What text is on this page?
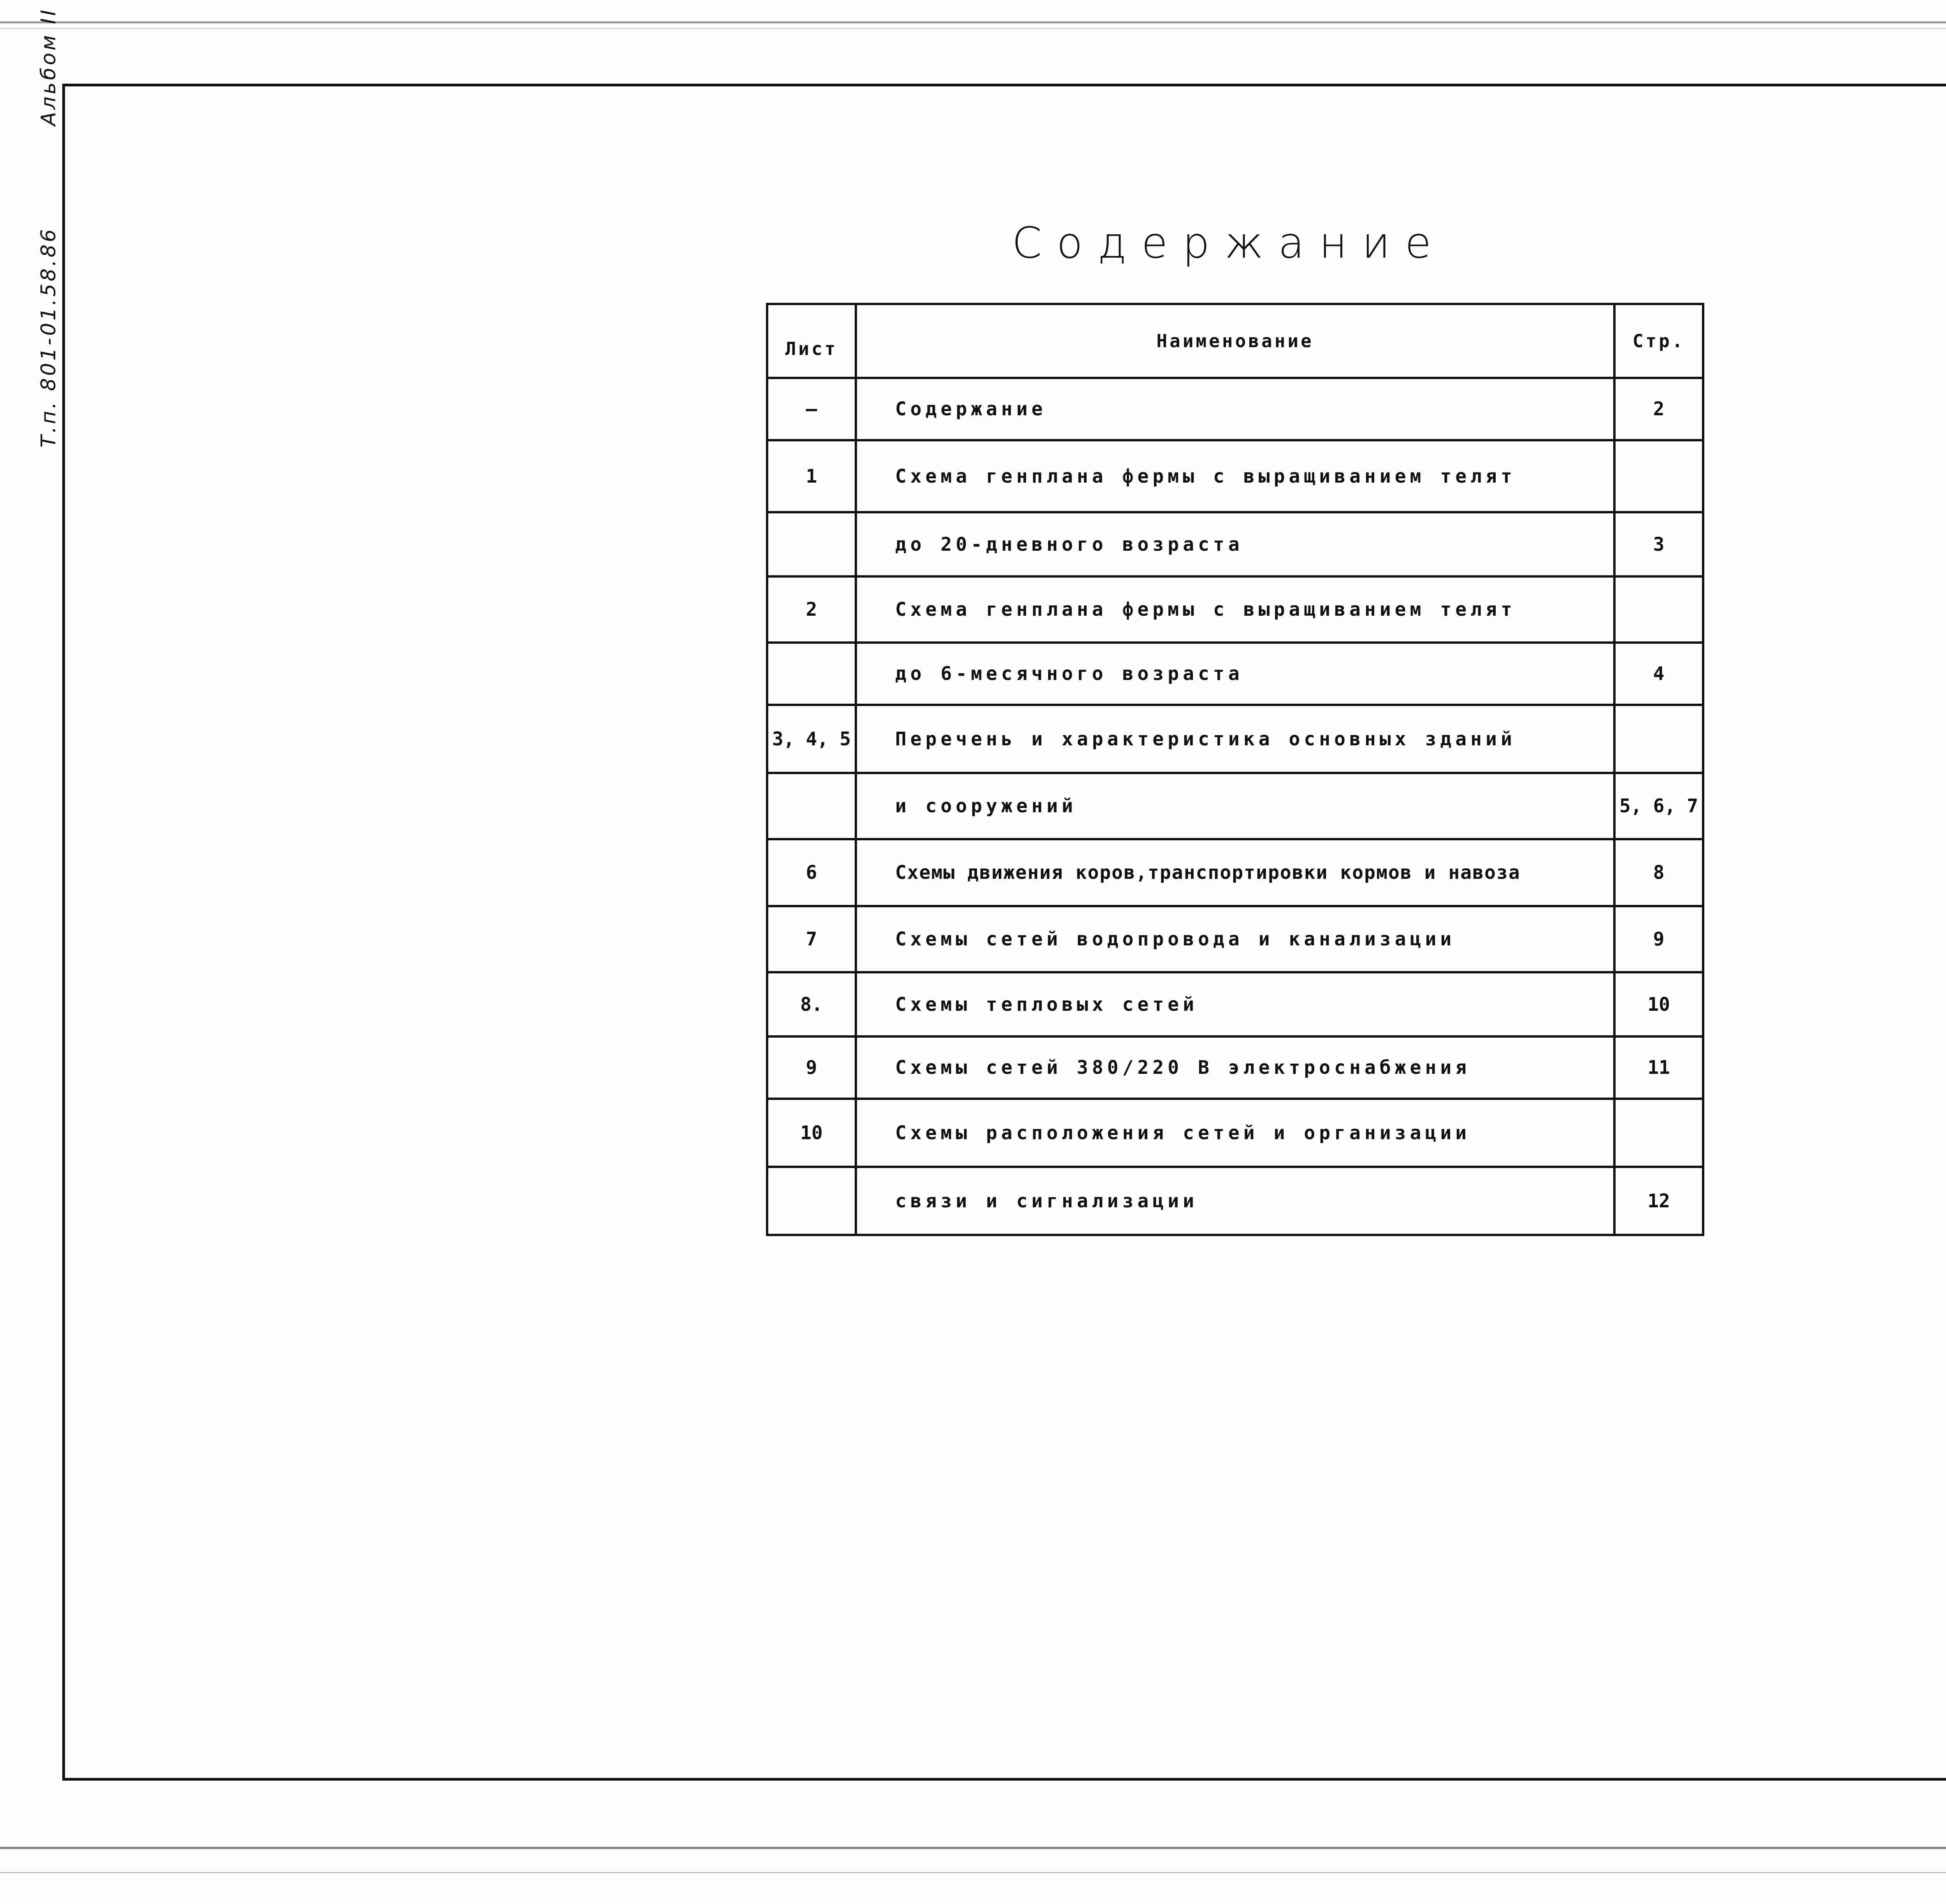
Т.п. 801-01.58.86Альбом II
Содержание
Лист	Наименование	Стр.
—	Содержание	2
1	Схема генплана фермы с выращиванием телят	
	до 20-дневного возраста	3
2	Схема генплана фермы с выращиванием телят	
	до 6-месячного возраста	4
3, 4, 5	Перечень и характеристика основных зданий	
	и сооружений	5, 6, 7
6	Схемы движения коров,транспортировки кормов и навоза	8
7	Схемы сетей водопровода и канализации	9
8.	Схемы тепловых сетей	10
9	Схемы сетей 380/220 В электроснабжения	11
10	Схемы расположения сетей и организации	
	связи и сигнализации	12
